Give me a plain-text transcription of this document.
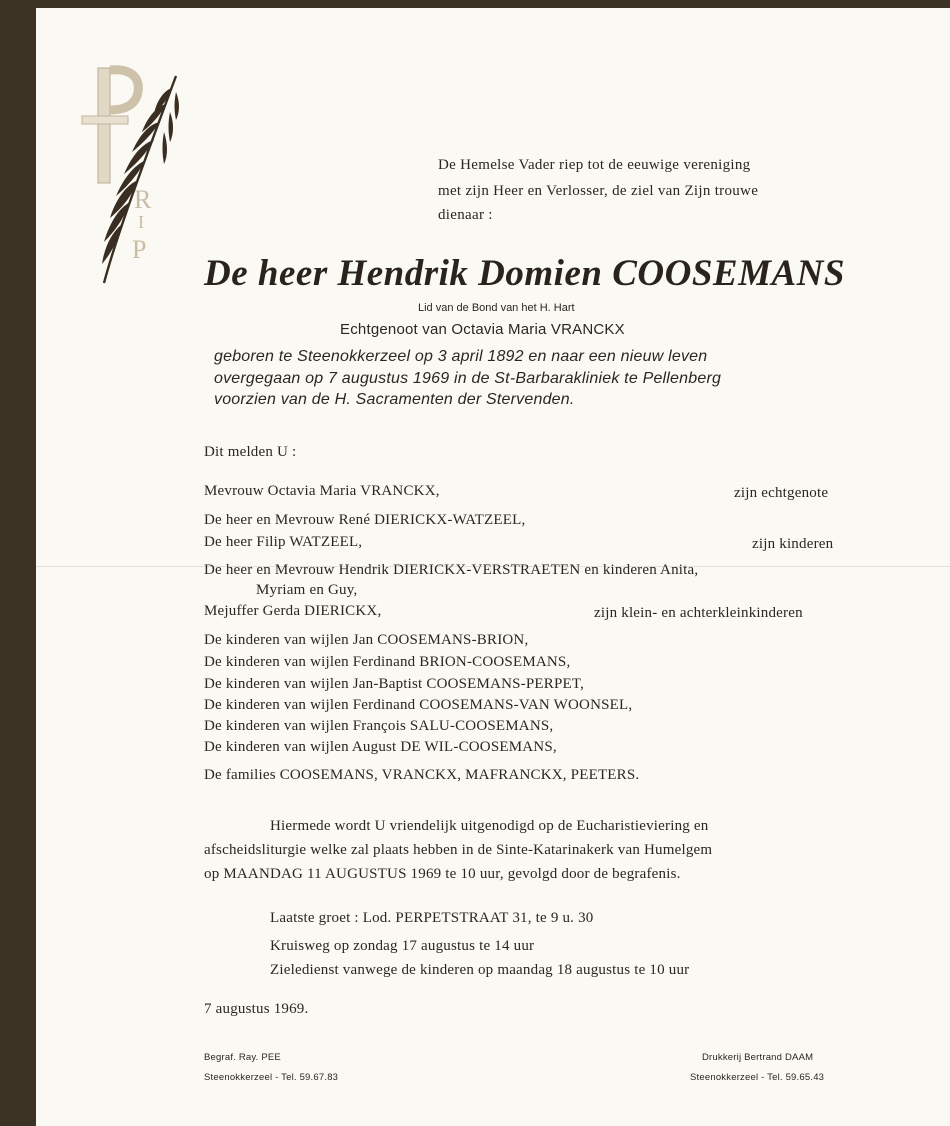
R
I
P
De Hemelse Vader riep tot de eeuwige vereniging
met zijn Heer en Verlosser, de ziel van Zijn trouwe
dienaar :
De heer Hendrik Domien COOSEMANS
Lid van de Bond van het H. Hart
Echtgenoot van Octavia Maria VRANCKX
geboren te Steenokkerzeel op 3 april 1892 en naar een nieuw leven
overgegaan op 7 augustus 1969 in de St-Barbarakliniek te Pellenberg
voorzien van de H. Sacramenten der Stervenden.
Dit melden U :
Mevrouw Octavia Maria VRANCKX,	zijn echtgenote
De heer en Mevrouw René DIERICKX-WATZEEL,
De heer Filip WATZEEL,	zijn kinderen
De heer en Mevrouw Hendrik DIERICKX-VERSTRAETEN en kinderen Anita,
Myriam en Guy,
Mejuffer Gerda DIERICKX,	zijn klein- en achterkleinkinderen
De kinderen van wijlen Jan COOSEMANS-BRION,
De kinderen van wijlen Ferdinand BRION-COOSEMANS,
De kinderen van wijlen Jan-Baptist COOSEMANS-PERPET,
De kinderen van wijlen Ferdinand COOSEMANS-VAN WOONSEL,
De kinderen van wijlen François SALU-COOSEMANS,
De kinderen van wijlen August DE WIL-COOSEMANS,
De families COOSEMANS, VRANCKX, MAFRANCKX, PEETERS.
Hiermede wordt U vriendelijk uitgenodigd op de Eucharistieviering en
afscheidsliturgie welke zal plaats hebben in de Sinte-Katarinakerk van Humelgem
op MAANDAG 11 AUGUSTUS 1969 te 10 uur, gevolgd door de begrafenis.
Laatste groet : Lod. PERPETSTRAAT 31, te 9 u. 30
Kruisweg op zondag 17 augustus te 14 uur
Zieledienst vanwege de kinderen op maandag 18 augustus te 10 uur
7 augustus 1969.
Begraf. Ray. PEE
Steenokkerzeel - Tel. 59.67.83
Drukkerij Bertrand DAAM
Steenokkerzeel - Tel. 59.65.43
